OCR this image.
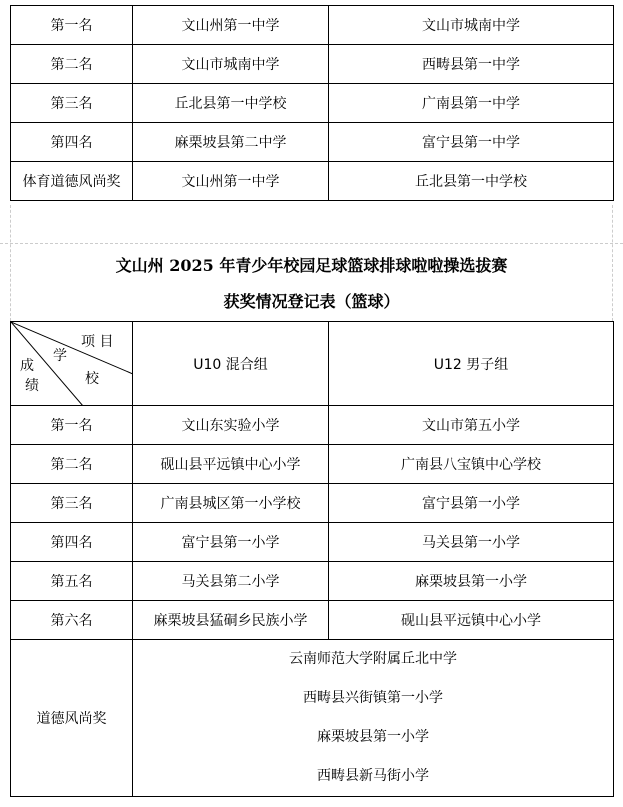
第一名	文山州第一中学	文山市城南中学
第二名	文山市城南中学	西畴县第一中学
第三名	丘北县第一中学校	广南县第一中学
第四名	麻栗坡县第二中学	富宁县第一中学
体育道德风尚奖	文山州第一中学	丘北县第一中学校
文山州 2025 年青少年校园足球篮球排球啦啦操选拔赛
获奖情况登记表（篮球）
项 目
学
校
成
绩	U10 混合组	U12 男子组
第一名	文山东实验小学	文山市第五小学
第二名	砚山县平远镇中心小学	广南县八宝镇中心学校
第三名	广南县城区第一小学校	富宁县第一小学
第四名	富宁县第一小学	马关县第一小学
第五名	马关县第二小学	麻栗坡县第一小学
第六名	麻栗坡县猛硐乡民族小学	砚山县平远镇中心小学
道德风尚奖	云南师范大学附属丘北中学
西畴县兴街镇第一小学
麻栗坡县第一小学
西畴县新马街小学	
